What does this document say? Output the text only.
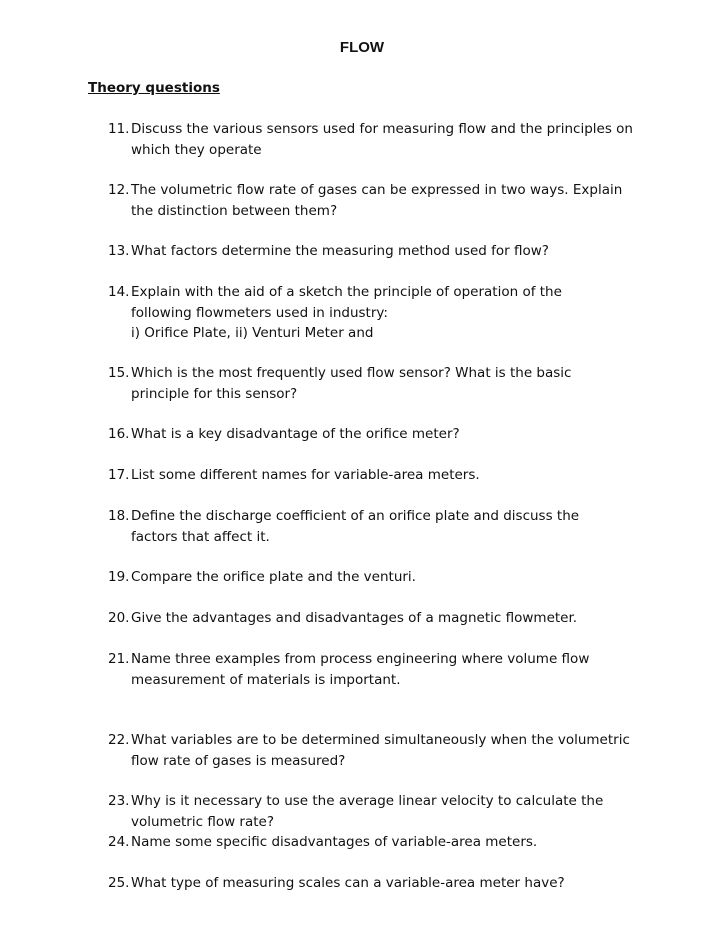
FLOW
Theory questions
11. Discuss the various sensors used for measuring flow and the principles on
which they operate
12. The volumetric flow rate of gases can be expressed in two ways. Explain
the distinction between them?
13. What factors determine the measuring method used for flow?
14. Explain with the aid of a sketch the principle of operation of the
following flowmeters used in industry:
i) Orifice Plate, ii) Venturi Meter and
15. Which is the most frequently used flow sensor? What is the basic
principle for this sensor?
16. What is a key disadvantage of the orifice meter?
17. List some different names for variable-area meters.
18. Define the discharge coefficient of an orifice plate and discuss the
factors that affect it.
19. Compare the orifice plate and the venturi.
20. Give the advantages and disadvantages of a magnetic flowmeter.
21. Name three examples from process engineering where volume flow
measurement of materials is important.
22. What variables are to be determined simultaneously when the volumetric
flow rate of gases is measured?
23. Why is it necessary to use the average linear velocity to calculate the
volumetric flow rate?
24. Name some specific disadvantages of variable-area meters.
25. What type of measuring scales can a variable-area meter have?
